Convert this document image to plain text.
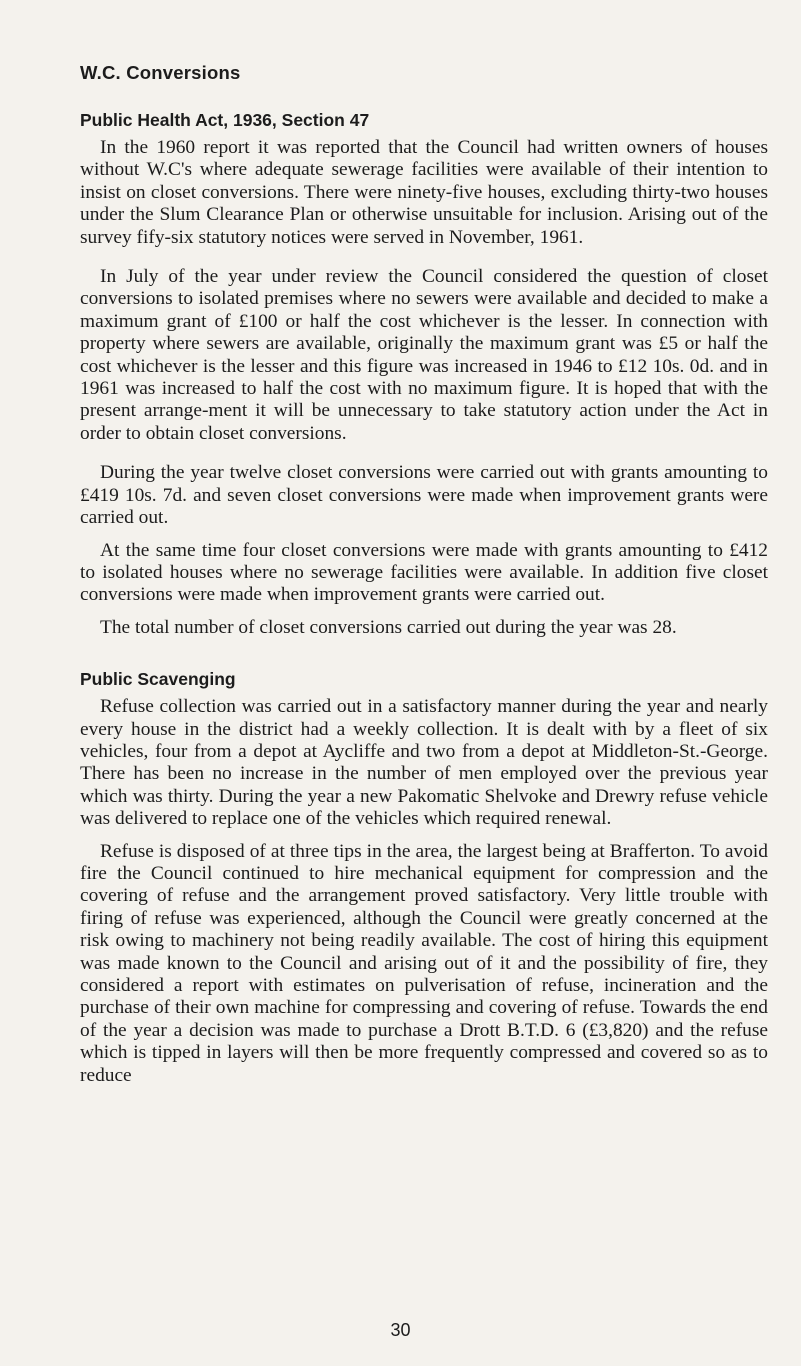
W.C. Conversions
Public Health Act, 1936, Section 47

In the 1960 report it was reported that the Council had written owners of houses without W.C's where adequate sewerage facilities were available of their intention to insist on closet conversions. There were ninety-five houses, excluding thirty-two houses under the Slum Clearance Plan or otherwise unsuitable for inclusion. Arising out of the survey fify-six statutory notices were served in November, 1961.

In July of the year under review the Council considered the question of closet conversions to isolated premises where no sewers were available and decided to make a maximum grant of £100 or half the cost whichever is the lesser. In connection with property where sewers are available, originally the maximum grant was £5 or half the cost whichever is the lesser and this figure was increased in 1946 to £12 10s. 0d. and in 1961 was increased to half the cost with no maximum figure. It is hoped that with the present arrange-ment it will be unnecessary to take statutory action under the Act in order to obtain closet conversions.

During the year twelve closet conversions were carried out with grants amounting to £419 10s. 7d. and seven closet conversions were made when improvement grants were carried out.

At the same time four closet conversions were made with grants amounting to £412 to isolated houses where no sewerage facilities were available. In addition five closet conversions were made when improvement grants were carried out.

The total number of closet conversions carried out during the year was 28.

Public Scavenging

Refuse collection was carried out in a satisfactory manner during the year and nearly every house in the district had a weekly collection. It is dealt with by a fleet of six vehicles, four from a depot at Aycliffe and two from a depot at Middleton-St.-George. There has been no increase in the number of men employed over the previous year which was thirty. During the year a new Pakomatic Shelvoke and Drewry refuse vehicle was delivered to replace one of the vehicles which required renewal.

Refuse is disposed of at three tips in the area, the largest being at Brafferton. To avoid fire the Council continued to hire mechanical equipment for compression and the covering of refuse and the arrangement proved satisfactory. Very little trouble with firing of refuse was experienced, although the Council were greatly concerned at the risk owing to machinery not being readily available. The cost of hiring this equipment was made known to the Council and arising out of it and the possibility of fire, they considered a report with estimates on pulverisation of refuse, incineration and the purchase of their own machine for compressing and covering of refuse. Towards the end of the year a decision was made to purchase a Drott B.T.D. 6 (£3,820) and the refuse which is tipped in layers will then be more frequently compressed and covered so as to reduce

30
